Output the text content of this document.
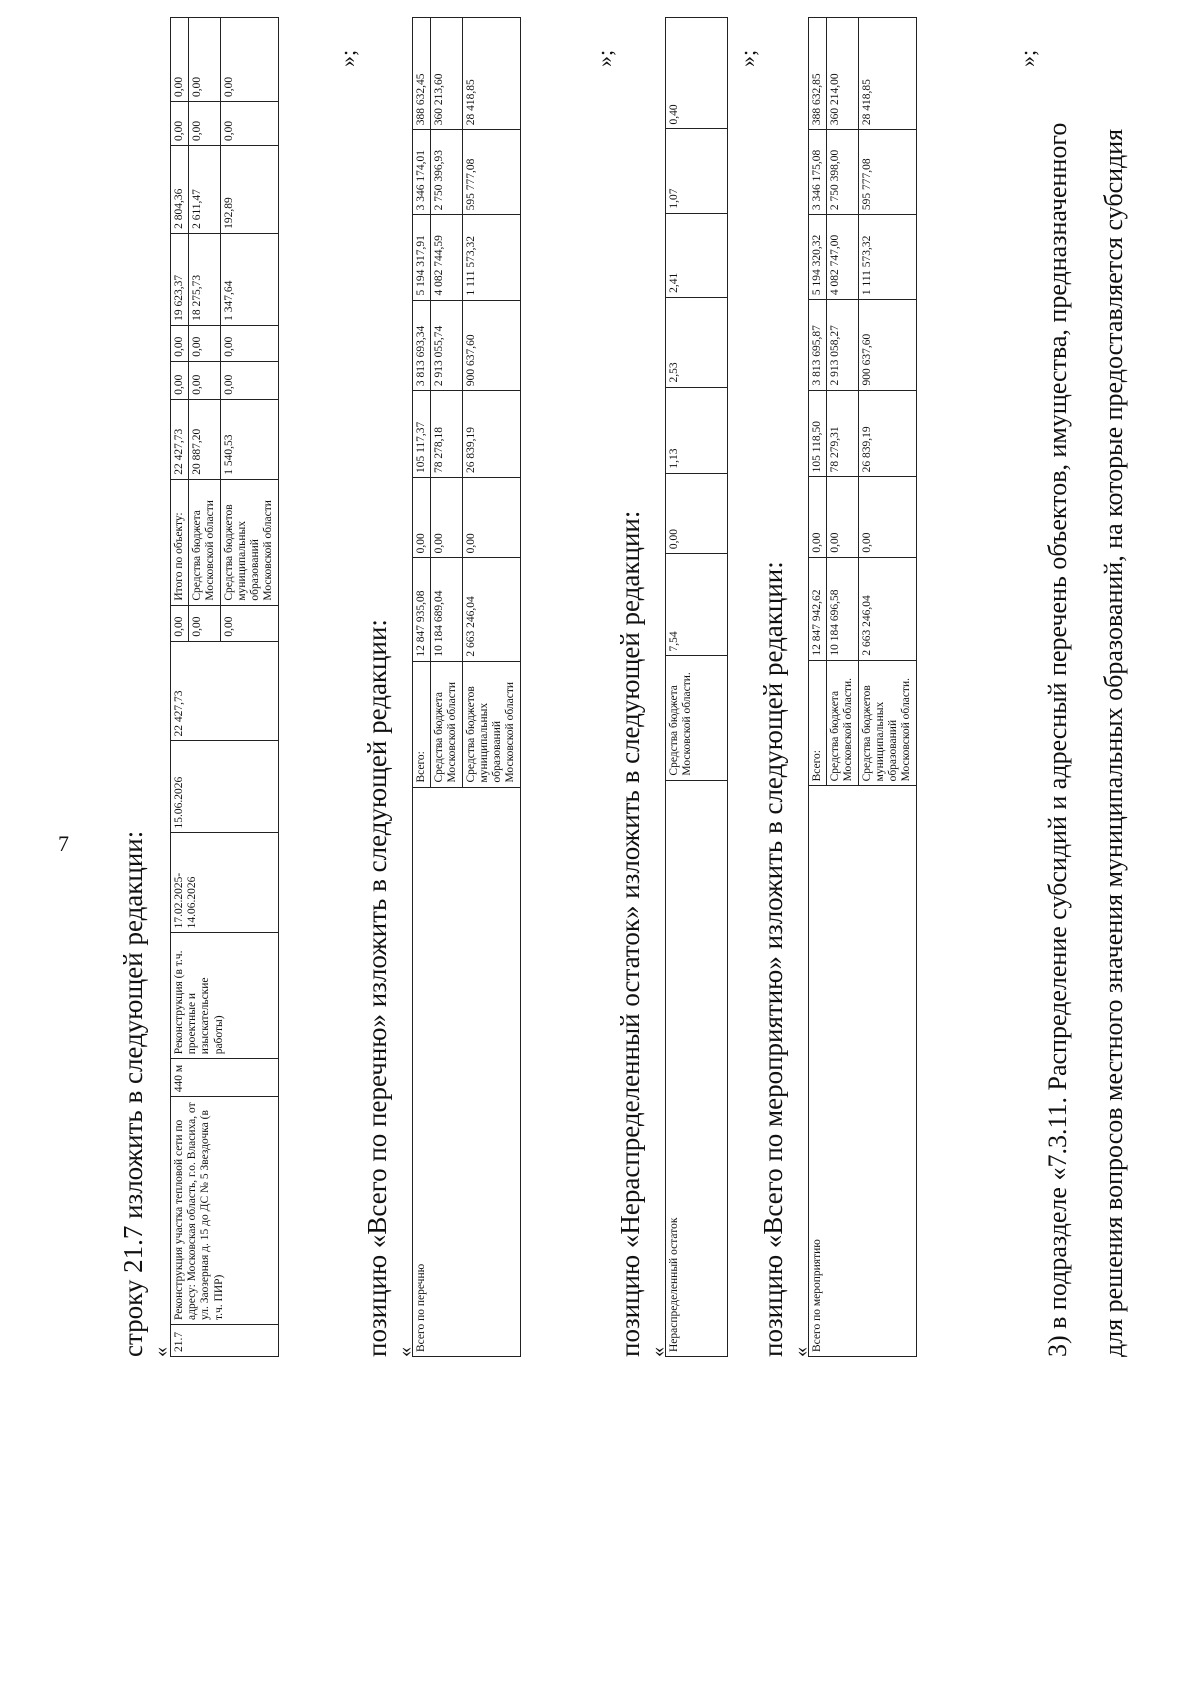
7 строку 21.7 изложить в следующей редакции: « 21.7	Реконструкция участка тепловой сети по адресу: Московская область, г.о. Власиха, от ул. Заозерная д. 15 до ДС № 5 Звездочка (в т.ч. ПИР)	440 м	Реконструкция (в т.ч. проектные и изыскательские работы)	17.02.2025-14.06.2026	15.06.2026	22 427,73	0,00	Итого по объекту:	22 427,73	0,00	0,00	19 623,37	2 804,36	0,00	0,00
							0,00	Средства бюджета Московской области	20 887,20	0,00	0,00	18 275,73	2 611,47	0,00	0,00
							0,00	Средства бюджетов муниципальных образований Московской области	1 540,53	0,00	0,00	1 347,64	192,89	0,00	0,00
»;
позицию «Всего по перечню» изложить в следующей редакции: « Всего по перечню	Всего:	12 847 935,08	0,00	105 117,37	3 813 693,34	5 194 317,91	3 346 174,01	388 632,45
	Средства бюджета Московской области	10 184 689,04	0,00	78 278,18	2 913 055,74	4 082 744,59	2 750 396,93	360 213,60
	Средства бюджетов муниципальных образований Московской области	2 663 246,04	0,00	26 839,19	900 637,60	1 111 573,32	595 777,08	28 418,85
»;
позицию «Нераспределенный остаток» изложить в следующей редакции: « Нераспределенный остаток	Средства бюджета Московской области.	7,54	0,00	1,13	2,53	2,41	1,07	0,40
»;
позицию «Всего по мероприятию» изложить в следующей редакции: « Всего по мероприятию	Всего:	12 847 942,62	0,00	105 118,50	3 813 695,87	5 194 320,32	3 346 175,08	388 632,85
	Средства бюджета Московской области.	10 184 696,58	0,00	78 279,31	2 913 058,27	4 082 747,00	2 750 398,00	360 214,00
	Средства бюджетов муниципальных образований Московской области.	2 663 246,04	0,00	26 839,19	900 637,60	1 111 573,32	595 777,08	28 418,85
»;
3) в подразделе «7.3.11. Распределение субсидий и адресный перечень объектов, имущества, предназначенного	для решения вопросов местного значения муниципальных образований, на которые предоставляется субсидия
